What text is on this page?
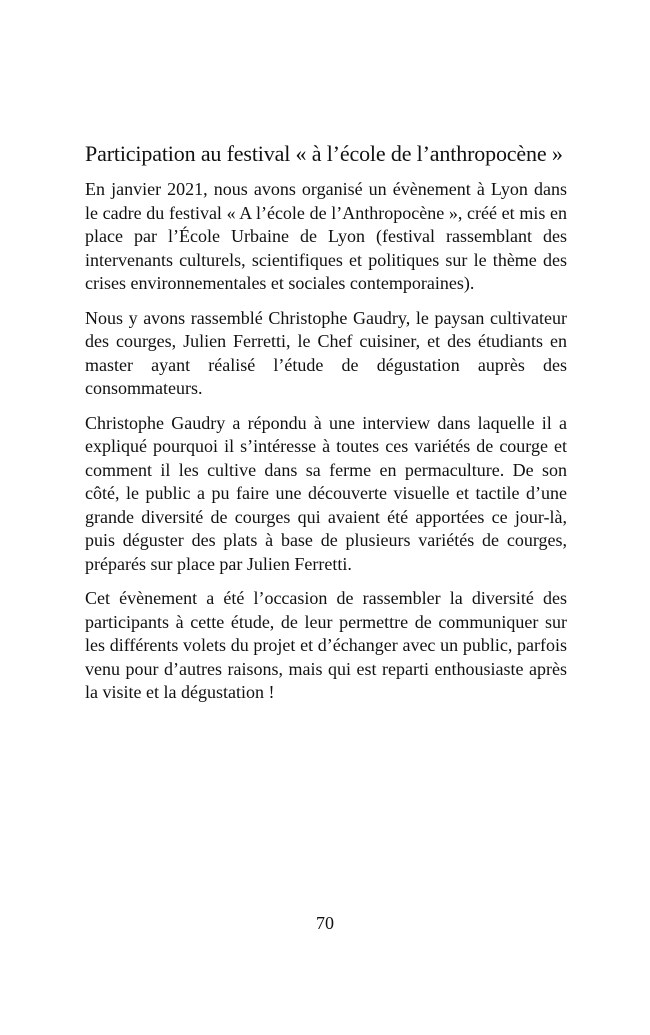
Participation au festival « à l’école de l’anthropocène »

En janvier 2021, nous avons organisé un évènement à Lyon dans le cadre du festival « A l’école de l’Anthropocène », créé et mis en place par l’École Urbaine de Lyon (festival rassemblant des intervenants culturels, scientifiques et politiques sur le thème des crises environnementales et sociales contemporaines).

Nous y avons rassemblé Christophe Gaudry, le paysan cultivateur des courges, Julien Ferretti, le Chef cuisiner, et des étudiants en master ayant réalisé l’étude de dégustation auprès des consommateurs.

Christophe Gaudry a répondu à une interview dans laquelle il a expliqué pourquoi il s’intéresse à toutes ces variétés de courge et comment il les cultive dans sa ferme en permaculture. De son côté, le public a pu faire une découverte visuelle et tactile d’une grande diversité de courges qui avaient été apportées ce jour-là, puis déguster des plats à base de plusieurs variétés de courges, préparés sur place par Julien Ferretti.

Cet évènement a été l’occasion de rassembler la diversité des participants à cette étude, de leur permettre de communiquer sur les différents volets du projet et d’échanger avec un public, parfois venu pour d’autres raisons, mais qui est reparti enthousiaste après la visite et la dégustation !

70
